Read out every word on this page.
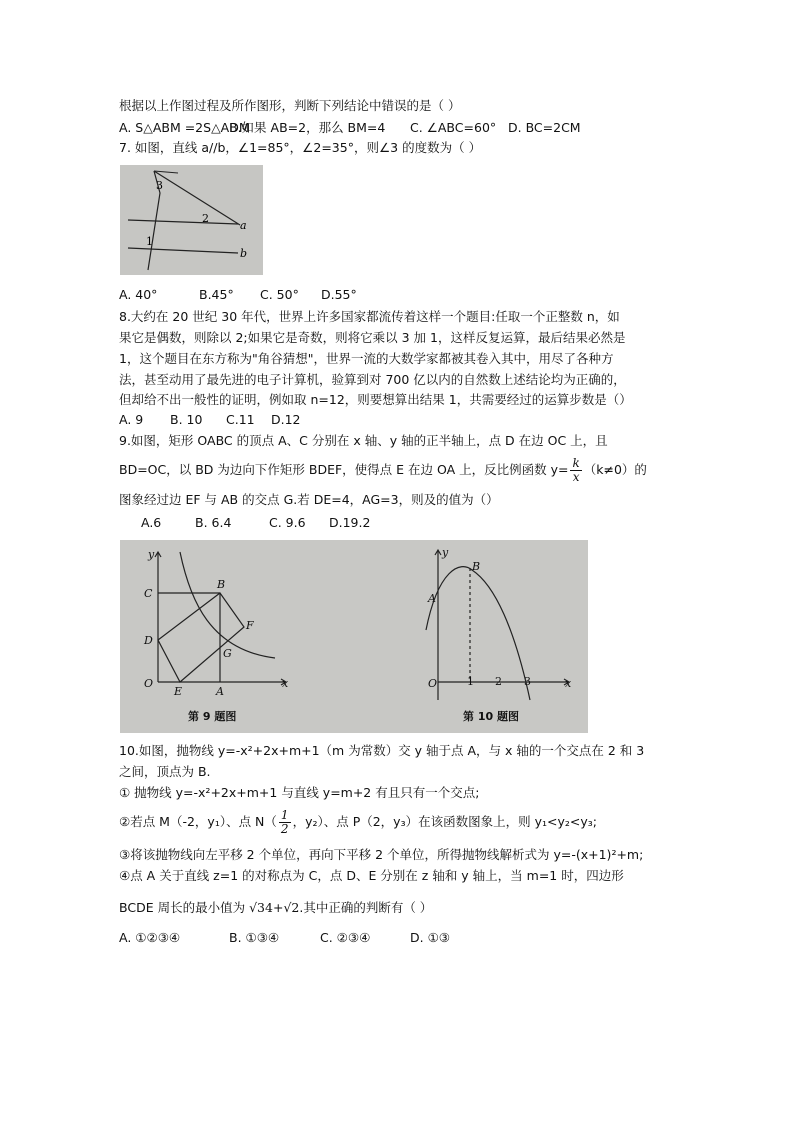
根据以上作图过程及所作图形，判断下列结论中错误的是（ ）
A. S△ABM =2S△ADMB.如果 AB=2，那么 BM=4 C. ∠ABC=60° D. BC=2CM
7. 如图，直线 a//b，∠1=85°，∠2=35°，则∠3 的度数为（ ）
3
2
1
a
b
A. 40°	B.45° C. 50° D.55°
8.大约在 20 世纪 30 年代，世界上许多国家都流传着这样一个题目:任取一个正整数 n，如
果它是偶数，则除以 2;如果它是奇数，则将它乘以 3 加 1，这样反复运算，最后结果必然是
1，这个题目在东方称为"角谷猜想"，世界一流的大数学家都被其卷入其中，用尽了各种方
法，甚至动用了最先进的电子计算机，验算到对 700 亿以内的自然数上述结论均为正确的，
但却给不出一般性的证明，例如取 n=12，则要想算出结果 1，共需要经过的运算步数是（）
A. 9 B. 10 C.11 D.12
9.如图，矩形 OABC 的顶点 A、C 分别在 x 轴、y 轴的正半轴上，点 D 在边 OC 上，且
BD=OC，以 BD 为边向下作矩形 BDEF，使得点 E 在边 OA 上，反比例函数 $y= \frac{k}{x} (k\ne 0)$的
图象经过边 EF 与 AB 的交点 G.若 DE=4，AG=3，则及的值为（）
A.6	B. 6.4	C. 9.6 D.19.2
y
C
B
F
D
G
O
E	A
x
第 9 题图
y
B
A
O	1 2 3	x
第 10 题图
10.如图，抛物线 y=-x²+2x+m+1（m 为常数）交 y 轴于点 A，与 x 轴的一个交点在 2 和 3
之间，顶点为 B.
① 抛物线 y=-x²+2x+m+1 与直线 y=m+2 有且只有一个交点;
②若点 M（-2，y₁）、点 $N( \frac{1}{2}$ ，y₂）、点 P（2，y₃）在该函数图象上，则 y₁<y₂<y₃;
③将该抛物线向左平移 2 个单位，再向下平移 2 个单位，所得抛物线解析式为 y=-(x+1)²+m;
④点 A 关于直线 z=1 的对称点为 C，点 D、E 分别在 z 轴和 y 轴上，当 m=1 时，四边形
BCDE 周长的最小值为 √34+√2.其中正确的判断有（ ）
A. ①②③④	B. ①③④	C. ②③④	D. ①③
